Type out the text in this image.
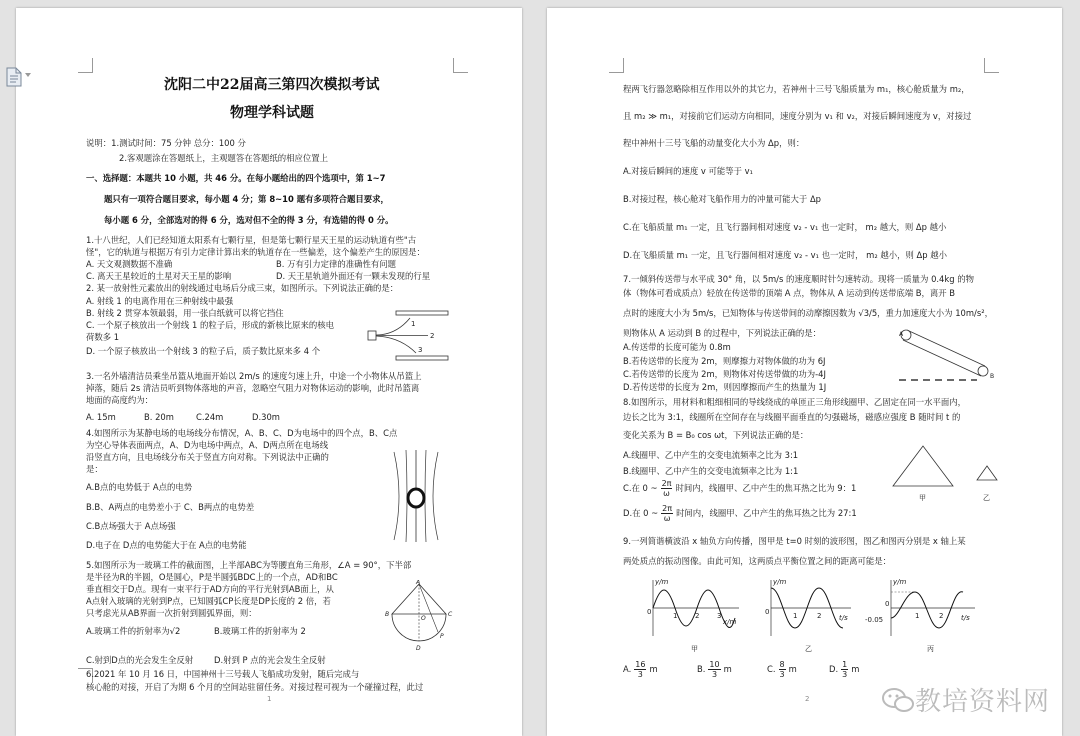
沈阳二中22届高三第四次模拟考试
物理学科试题
说明：1.测试时间：75 分钟 总分：100 分
2.客观题涂在答题纸上，主观题答在答题纸的相应位置上
一、选择题：本题共 10 小题，共 46 分。在每小题给出的四个选项中，第 1~7
题只有一项符合题目要求，每小题 4 分；第 8~10 题有多项符合题目要求，
每小题 6 分，全部选对的得 6 分，选对但不全的得 3 分，有选错的得 0 分。
1.十八世纪，人们已经知道太阳系有七颗行星，但是第七颗行星天王星的运动轨道有些"古
怪"，它的轨道与根据万有引力定律计算出来的轨道存在一些偏差，这个偏差产生的原因是：
A. 天文观测数据不准确	B. 万有引力定律的准确性有问题
C. 离天王星较近的土星对天王星的影响	D. 天王星轨道外面还有一颗未发现的行星
2. 某一放射性元素放出的射线通过电场后分成三束，如图所示。下列说法正确的是：
A. 射线 1 的电离作用在三种射线中最强
B. 射线 2 贯穿本领最弱，用一张白纸就可以将它挡住
C. 一个原子核放出一个射线 1 的粒子后，形成的新核比原来的核电
荷数多 1
D. 一个原子核放出一个射线 3 的粒子后，质子数比原来多 4 个
1
2
3
3.一名外墙清洁员乘坐吊篮从地面开始以 2m/s 的速度匀速上升，中途一个小物体从吊篮上
掉落，随后 2s 清洁员听到物体落地的声音，忽略空气阻力对物体运动的影响，此时吊篮离
地面的高度约为：
A. 15m	B. 20m	C.24m	D.30m
4.如图所示为某静电场的电场线分布情况，A、B、C、D为电场中的四个点，B、C点
为空心导体表面两点，A、D为电场中两点，A、D两点所在电场线
沿竖直方向，且电场线分布关于竖直方向对称。下列说法中正确的
是：
A.B点的电势低于 A点的电势
B.B、A两点的电势差小于 C、B两点的电势差
C.B点场强大于 A点场强
D.电子在 D点的电势能大于在 A点的电势能
5.如图所示为一玻璃工件的截面图，上半部ABC为等腰直角三角形，∠A = 90°，下半部
是半径为R的半圆，O是圆心，P是半圆弧BDC上的一个点，AD和BC
垂直相交于D点。现有一束平行于AD方向的平行光射到AB面上，从
A点射入玻璃的光射到P点，已知圆弧CP长度是DP长度的 2 倍，若
只考虑光从AB界面一次折射到圆弧界面，则：
A.玻璃工件的折射率为√2	B.玻璃工件的折射率为 2
A
B	C
O
D
P
C.射到D点的光会发生全反射 D.射到 P 点的光会发生全反射
6.2021 年 10 月 16 日，中国神州十三号载人飞船成功发射，随后完成与
核心舱的对接，开启了为期 6 个月的空间站驻留任务。对接过程可视为一个碰撞过程，此过
1
程两飞行器忽略除相互作用以外的其它力，若神州十三号飞船质量为 m₁，核心舱质量为 m₂，
且 m₂ ≫ m₁，对接前它们运动方向相同，速度分别为 v₁ 和 v₂，对接后瞬间速度为 v，对接过
程中神州十三号飞船的动量变化大小为 Δp，则：
A.对接后瞬间的速度 v 可能等于 v₁
B.对接过程，核心舱对飞船作用力的冲量可能大于 Δp
C.在飞船质量 m₁ 一定，且飞行器间相对速度 v₂ - v₁ 也一定时， m₂ 越大，则 Δp 越小
D.在飞船质量 m₁ 一定，且飞行器间相对速度 v₂ - v₁ 也一定时， m₂ 越小，则 Δp 越小
7.一倾斜传送带与水平成 30° 角，以 5m/s 的速度顺时针匀速转动。现将一质量为 0.4kg 的物
体（物体可看成质点）轻放在传送带的顶端 A 点，物体从 A 运动到传送带底端 B，离开 B
点时的速度大小为 5m/s，已知物体与传送带间的动摩擦因数为 √3/5，重力加速度大小为 10m/s²，
则物体从 A 运动到 B 的过程中，下列说法正确的是：
A.传送带的长度可能为 0.8m
B.若传送带的长度为 2m，则摩擦力对物体做的功为 6J
C.若传送带的长度为 2m，则物体对传送带做的功为-4J
D.若传送带的长度为 2m，则因摩擦而产生的热量为 1J
A
B
8.如图所示，用材料和粗细相同的导线绕成的单匝正三角形线圈甲、乙固定在同一水平面内，
边长之比为 3:1，线圈所在空间存在与线圈平面垂直的匀强磁场，磁感应强度 B 随时间 t 的
变化关系为 B = B₀ cos ωt，下列说法正确的是：
A.线圈甲、乙中产生的交变电流频率之比为 3:1
B.线圈甲、乙中产生的交变电流频率之比为 1:1
C.在 0 ~ $\frac{2\pi}{\omega}$ 时间内，线圈甲、乙中产生的焦耳热之比为 9：1
D.在 0 ~ $\frac{2\pi}{\omega}$ 时间内，线圈甲、乙中产生的焦耳热之比为 27:1
甲	乙
9.一列简谐横波沿 x 轴负方向传播，图甲是 t=0 时刻的波形图，图乙和图丙分别是 x 轴上某
两处质点的振动图像。由此可知，这两质点平衡位置之间的距离可能是：
y/m
x/m
0	1	2	3
甲
y/m
t/s
0	1	2
乙
y/m
t/s
0
-0.05	1	2
丙
A. $\frac{16}{3}$ m	B. $\frac{10}{3}$ m	C. $\frac{8}{3}$ m	D. $\frac{1}{3}$ m
2	教培资料网
